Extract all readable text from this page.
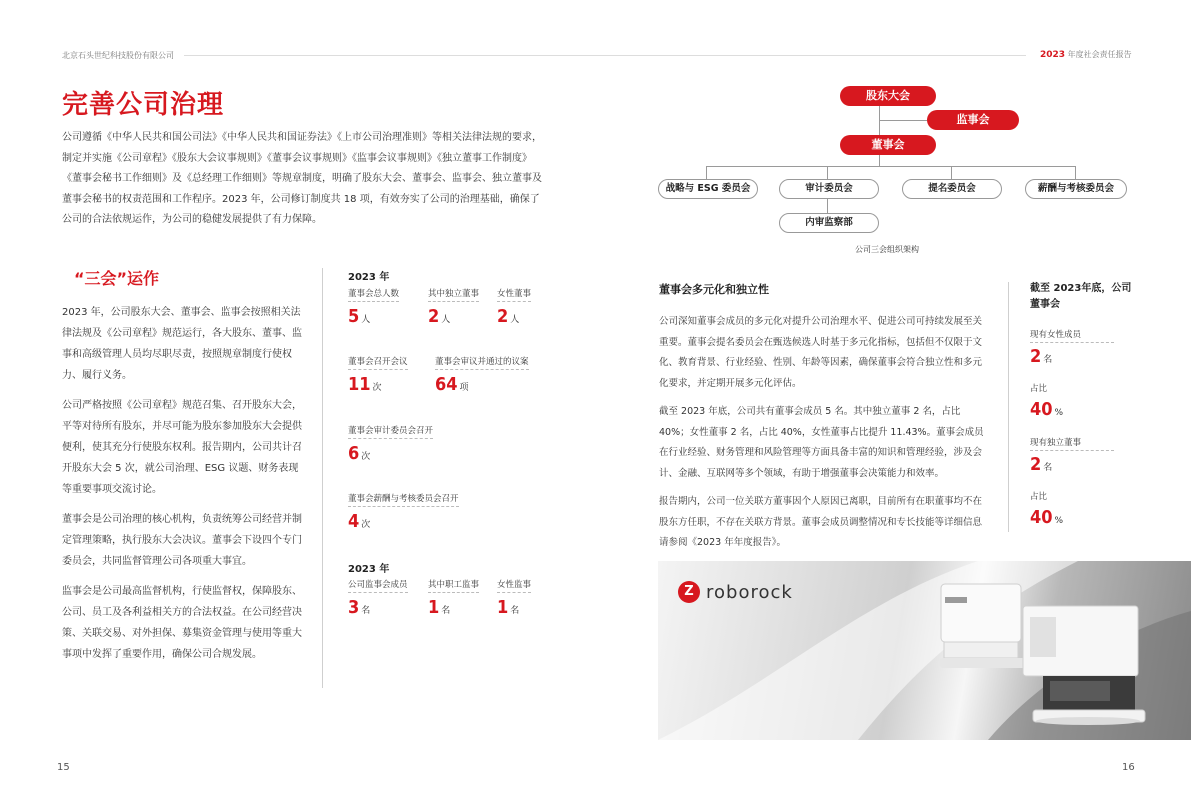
北京石头世纪科技股份有限公司	2023 年度社会责任报告
完善公司治理

公司遵循《中华人民共和国公司法》《中华人民共和国证券法》《上市公司治理准则》等相关法律法规的要求，制定并实施《公司章程》《股东大会议事规则》《董事会议事规则》《监事会议事规则》《独立董事工作制度》《董事会秘书工作细则》及《总经理工作细则》等规章制度，明确了股东大会、董事会、监事会、独立董事及董事会秘书的权责范围和工作程序。2023 年，公司修订制度共 18 项，有效夯实了公司的治理基础，确保了公司的合法依规运作，为公司的稳健发展提供了有力保障。

“三会”运作

2023 年，公司股东大会、董事会、监事会按照相关法律法规及《公司章程》规范运行，各大股东、董事、监事和高级管理人员均尽职尽责，按照规章制度行使权力、履行义务。

公司严格按照《公司章程》规范召集、召开股东大会，平等对待所有股东，并尽可能为股东参加股东大会提供便利，使其充分行使股东权利。报告期内，公司共计召开股东大会 5 次，就公司治理、ESG 议题、财务表现等重要事项交流讨论。

董事会是公司治理的核心机构，负责统筹公司经营并制定管理策略，执行股东大会决议。董事会下设四个专门委员会，共同监督管理公司各项重大事宜。

监事会是公司最高监督机构，行使监督权，保障股东、公司、员工及各利益相关方的合法权益。在公司经营决策、关联交易、对外担保、募集资金管理与使用等重大事项中发挥了重要作用，确保公司合规发展。

2023 年
董事会总人数
5 人
其中独立董事
2 人
女性董事
2 人
董事会召开会议
11 次
董事会审议并通过的议案
64 项
董事会审计委员会召开
6 次
董事会薪酬与考核委员会召开
4 次
2023 年
公司监事会成员
3 名
其中职工监事
1 名
女性监事
1 名
股东大会
监事会
董事会
战略与 ESG 委员会	审计委员会	提名委员会	薪酬与考核委员会
内审监察部
公司三会组织架构
董事会多元化和独立性

公司深知董事会成员的多元化对提升公司治理水平、促进公司可持续发展至关重要。董事会提名委员会在甄选候选人时基于多元化指标，包括但不仅限于文化、教育背景、行业经验、性别、年龄等因素，确保董事会符合独立性和多元化要求，并定期开展多元化评估。

截至 2023 年底，公司共有董事会成员 5 名。其中独立董事 2 名，占比 40%；女性董事 2 名，占比 40%，女性董事占比提升 11.43%。董事会成员在行业经验、财务管理和风险管理等方面具备丰富的知识和管理经验，涉及会计、金融、互联网等多个领域，有助于增强董事会决策能力和效率。

报告期内，公司一位关联方董事因个人原因已离职，目前所有在职董事均不在股东方任职，不存在关联方背景。董事会成员调整情况和专长技能等详细信息请参阅《2023 年年度报告》。

截至 2023年底，公司董事会
现有女性成员
2 名
占比
40 %
现有独立董事
2 名
占比
40 %
Z roborock
15	16
